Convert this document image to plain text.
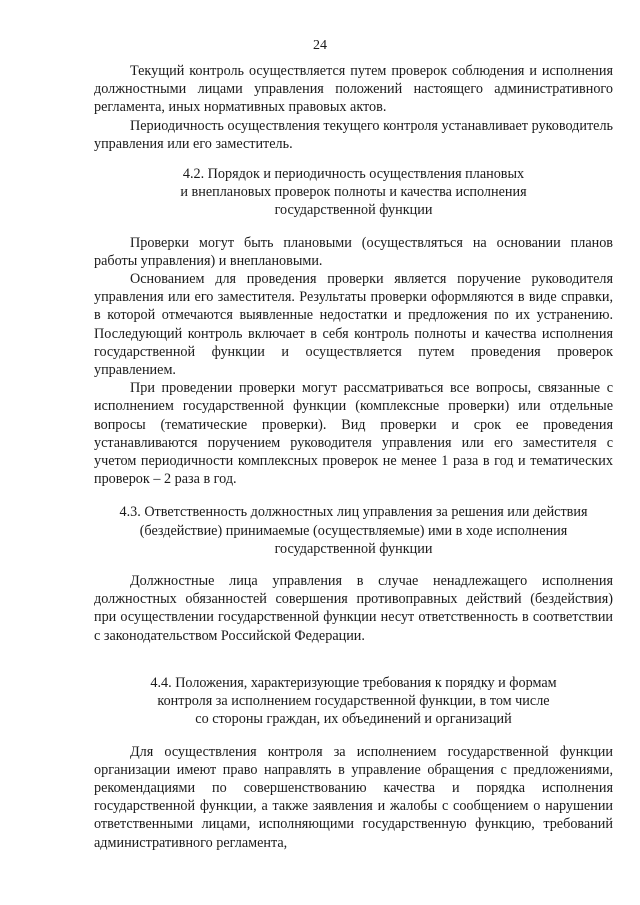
24

Текущий контроль осуществляется путем проверок соблюдения и исполнения должностными лицами управления положений настоящего административного регламента, иных нормативных правовых актов.

Периодичность осуществления текущего контроля устанавливает руководитель управления или его заместитель.

4.2. Порядок и периодичность осуществления плановых
и внеплановых проверок полноты и качества исполнения
государственной функции

Проверки могут быть плановыми (осуществляться на основании планов работы управления) и внеплановыми.

Основанием для проведения проверки является поручение руководителя управления или его заместителя. Результаты проверки оформляются в виде справки, в которой отмечаются выявленные недостатки и предложения по их устранению. Последующий контроль включает в себя контроль полноты и качества исполнения государственной функции и осуществляется путем проведения проверок управлением.

При проведении проверки могут рассматриваться все вопросы, связанные с исполнением государственной функции (комплексные проверки) или отдельные вопросы (тематические проверки). Вид проверки и срок ее проведения устанавливаются поручением руководителя управления или его заместителя с учетом периодичности комплексных проверок не менее 1 раза в год и тематических проверок – 2 раза в год.

4.3. Ответственность должностных лиц управления за решения или действия
(бездействие) принимаемые (осуществляемые) ими в ходе исполнения
государственной функции

Должностные лица управления в случае ненадлежащего исполнения должностных обязанностей совершения противоправных действий (бездействия) при осуществлении государственной функции несут ответственность в соответствии с законодательством Российской Федерации.

4.4. Положения, характеризующие требования к порядку и формам
контроля за исполнением государственной функции, в том числе
со стороны граждан, их объединений и организаций

Для осуществления контроля за исполнением государственной функции организации имеют право направлять в управление обращения с предложениями, рекомендациями по совершенствованию качества и порядка исполнения государственной функции, а также заявления и жалобы с сообщением о нарушении ответственными лицами, исполняющими государственную функцию, требований административного регламента,
